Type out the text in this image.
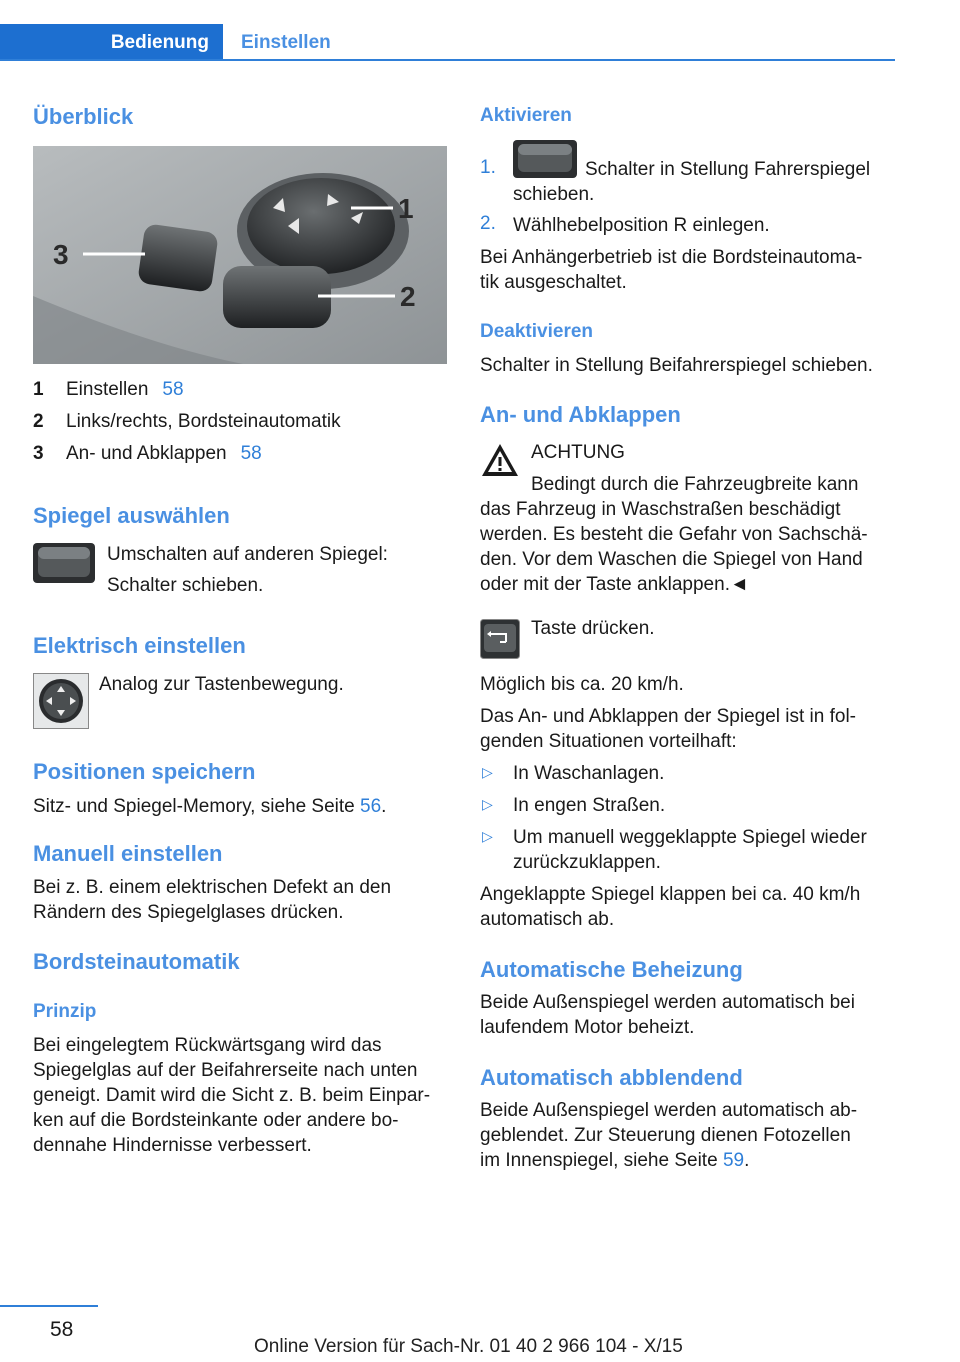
Bedienung	Einstellen
Überblick
1
2
3
1 Einstellen 58
2 Links/rechts, Bordsteinautomatik
3 An- und Abklappen 58
Spiegel auswählen
Umschalten auf anderen Spiegel:
Schalter schieben.
Elektrisch einstellen
Analog zur Tastenbewegung.
Positionen speichern
Sitz- und Spiegel-Memory, siehe Seite 56.
Manuell einstellen
Bei z. B. einem elektrischen Defekt an den
Rändern des Spiegelglases drücken.
Bordsteinautomatik
Prinzip
Bei eingelegtem Rückwärtsgang wird das
Spiegelglas auf der Beifahrerseite nach unten
geneigt. Damit wird die Sicht z. B. beim Einpar-
ken auf die Bordsteinkante oder andere bo-
dennahe Hindernisse verbessert.
Aktivieren
1.	Schalter in Stellung Fahrerspiegel
schieben.
2. Wählhebelposition R einlegen.
Bei Anhängerbetrieb ist die Bordsteinautoma-
tik ausgeschaltet.
Deaktivieren
Schalter in Stellung Beifahrerspiegel schieben.
An- und Abklappen
ACHTUNG
Bedingt durch die Fahrzeugbreite kann
das Fahrzeug in Waschstraßen beschädigt
werden. Es besteht die Gefahr von Sachschä-
den. Vor dem Waschen die Spiegel von Hand
oder mit der Taste anklappen.◄
Taste drücken.
Möglich bis ca. 20 km/h.
Das An- und Abklappen der Spiegel ist in fol-
genden Situationen vorteilhaft:
▷ In Waschanlagen.
▷ In engen Straßen.
▷ Um manuell weggeklappte Spiegel wieder
zurückzuklappen.
Angeklappte Spiegel klappen bei ca. 40 km/h
automatisch ab.
Automatische Beheizung
Beide Außenspiegel werden automatisch bei
laufendem Motor beheizt.
Automatisch abblendend
Beide Außenspiegel werden automatisch ab-
geblendet. Zur Steuerung dienen Fotozellen
im Innenspiegel, siehe Seite 59.
58
Online Version für Sach-Nr. 01 40 2 966 104 - X/15
